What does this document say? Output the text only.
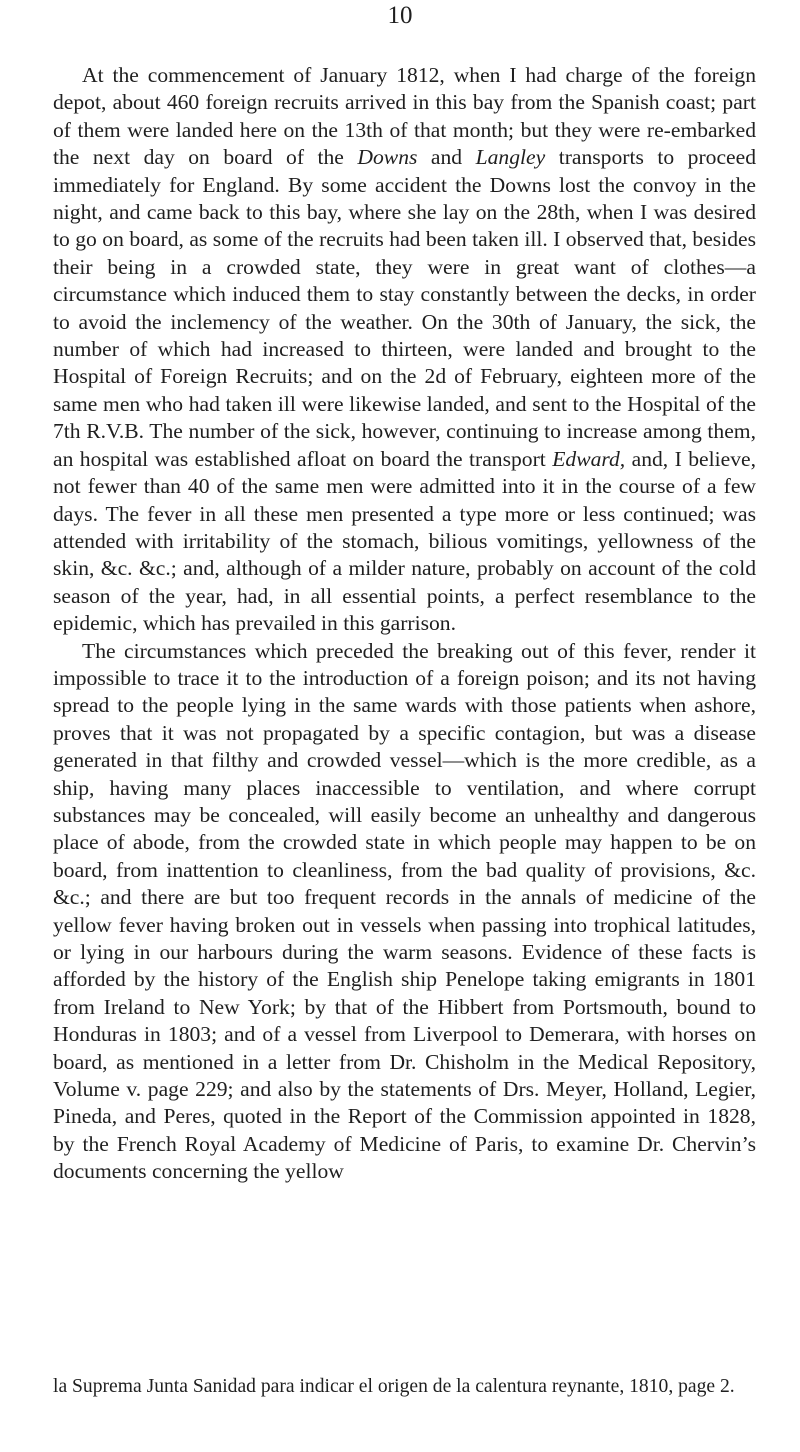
10

At the commencement of January 1812, when I had charge of the foreign depot, about 460 foreign recruits arrived in this bay from the Spanish coast; part of them were landed here on the 13th of that month; but they were re-embarked the next day on board of the Downs and Langley transports to proceed immediately for England. By some accident the Downs lost the convoy in the night, and came back to this bay, where she lay on the 28th, when I was desired to go on board, as some of the recruits had been taken ill. I observed that, besides their being in a crowded state, they were in great want of clothes—a circumstance which induced them to stay constantly between the decks, in order to avoid the inclemency of the weather. On the 30th of January, the sick, the number of which had increased to thirteen, were landed and brought to the Hospital of Foreign Recruits; and on the 2d of February, eighteen more of the same men who had taken ill were likewise landed, and sent to the Hospital of the 7th R.V.B. The number of the sick, however, continuing to increase among them, an hospital was established afloat on board the transport Edward, and, I believe, not fewer than 40 of the same men were admitted into it in the course of a few days. The fever in all these men presented a type more or less continued; was attended with irritability of the stomach, bilious vomitings, yellowness of the skin, &c. &c.; and, although of a milder nature, probably on account of the cold season of the year, had, in all essential points, a perfect resemblance to the epidemic, which has prevailed in this garrison.

The circumstances which preceded the breaking out of this fever, render it impossible to trace it to the introduction of a foreign poison; and its not having spread to the people lying in the same wards with those patients when ashore, proves that it was not propagated by a specific contagion, but was a disease generated in that filthy and crowded vessel—which is the more credible, as a ship, having many places inaccessible to ventilation, and where corrupt substances may be concealed, will easily become an unhealthy and dangerous place of abode, from the crowded state in which people may happen to be on board, from inattention to cleanliness, from the bad quality of provisions, &c. &c.; and there are but too frequent records in the annals of medicine of the yellow fever having broken out in vessels when passing into trophical latitudes, or lying in our harbours during the warm seasons. Evidence of these facts is afforded by the history of the English ship Penelope taking emigrants in 1801 from Ireland to New York; by that of the Hibbert from Portsmouth, bound to Honduras in 1803; and of a vessel from Liverpool to Demerara, with horses on board, as mentioned in a letter from Dr. Chisholm in the Medical Repository, Volume v. page 229; and also by the statements of Drs. Meyer, Holland, Legier, Pineda, and Peres, quoted in the Report of the Commission appointed in 1828, by the French Royal Academy of Medicine of Paris, to examine Dr. Chervin’s documents concerning the yellow

la Suprema Junta Sanidad para indicar el origen de la calentura reynante, 1810, page 2.
